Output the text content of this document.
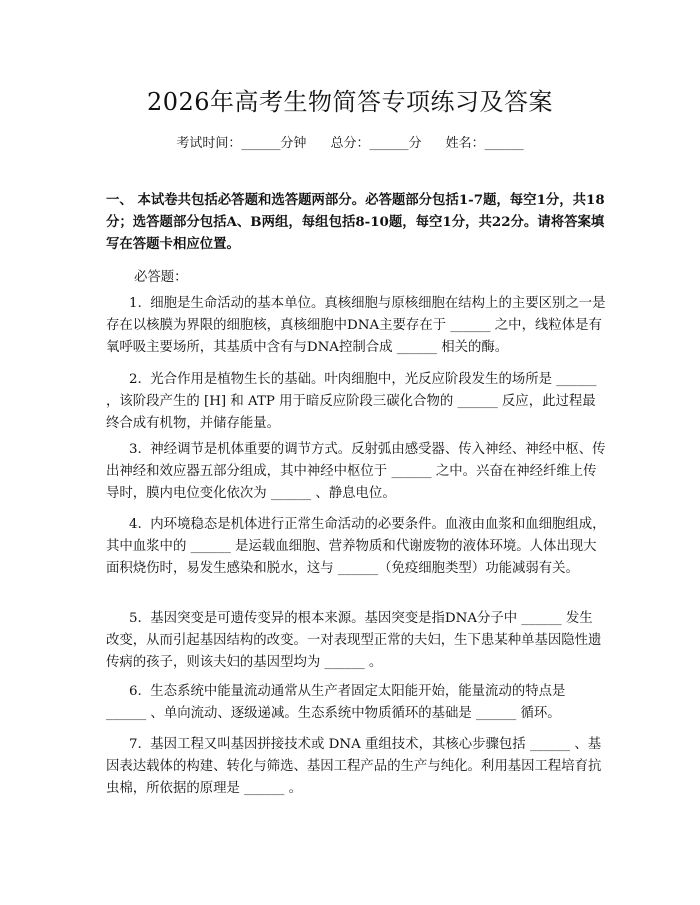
2026年高考生物简答专项练习及答案
考试时间：______分钟 总分：______分 姓名：______
一、 本试卷共包括必答题和选答题两部分。必答题部分包括1-7题，每空1分，共18分；选答题部分包括A、B两组，每组包括8-10题，每空1分，共22分。请将答案填写在答题卡相应位置。
必答题：
1.  细胞是生命活动的基本单位。真核细胞与原核细胞在结构上的主要区别之一是存在以核膜为界限的细胞核，真核细胞中DNA主要存在于 ______ 之中，线粒体是有氧呼吸主要场所，其基质中含有与DNA控制合成 ______ 相关的酶。
2.  光合作用是植物生长的基础。叶肉细胞中，光反应阶段发生的场所是 ______ ，该阶段产生的 [H] 和 ATP 用于暗反应阶段三碳化合物的 ______ 反应，此过程最终合成有机物，并储存能量。
3.  神经调节是机体重要的调节方式。反射弧由感受器、传入神经、神经中枢、传出神经和效应器五部分组成，其中神经中枢位于 ______ 之中。兴奋在神经纤维上传导时，膜内电位变化依次为 ______ 、静息电位。
4.  内环境稳态是机体进行正常生命活动的必要条件。血液由血浆和血细胞组成，其中血浆中的 ______ 是运载血细胞、营养物质和代谢废物的液体环境。人体出现大面积烧伤时，易发生感染和脱水，这与 ______（免疫细胞类型）功能减弱有关。
5.  基因突变是可遗传变异的根本来源。基因突变是指DNA分子中 ______ 发生改变，从而引起基因结构的改变。一对表现型正常的夫妇，生下患某种单基因隐性遗传病的孩子，则该夫妇的基因型均为 ______ 。
6.  生态系统中能量流动通常从生产者固定太阳能开始，能量流动的特点是 ______ 、单向流动、逐级递减。生态系统中物质循环的基础是 ______ 循环。
7.  基因工程又叫基因拼接技术或 DNA 重组技术，其核心步骤包括 ______ 、基因表达载体的构建、转化与筛选、基因工程产品的生产与纯化。利用基因工程培育抗虫棉，所依据的原理是 ______ 。
